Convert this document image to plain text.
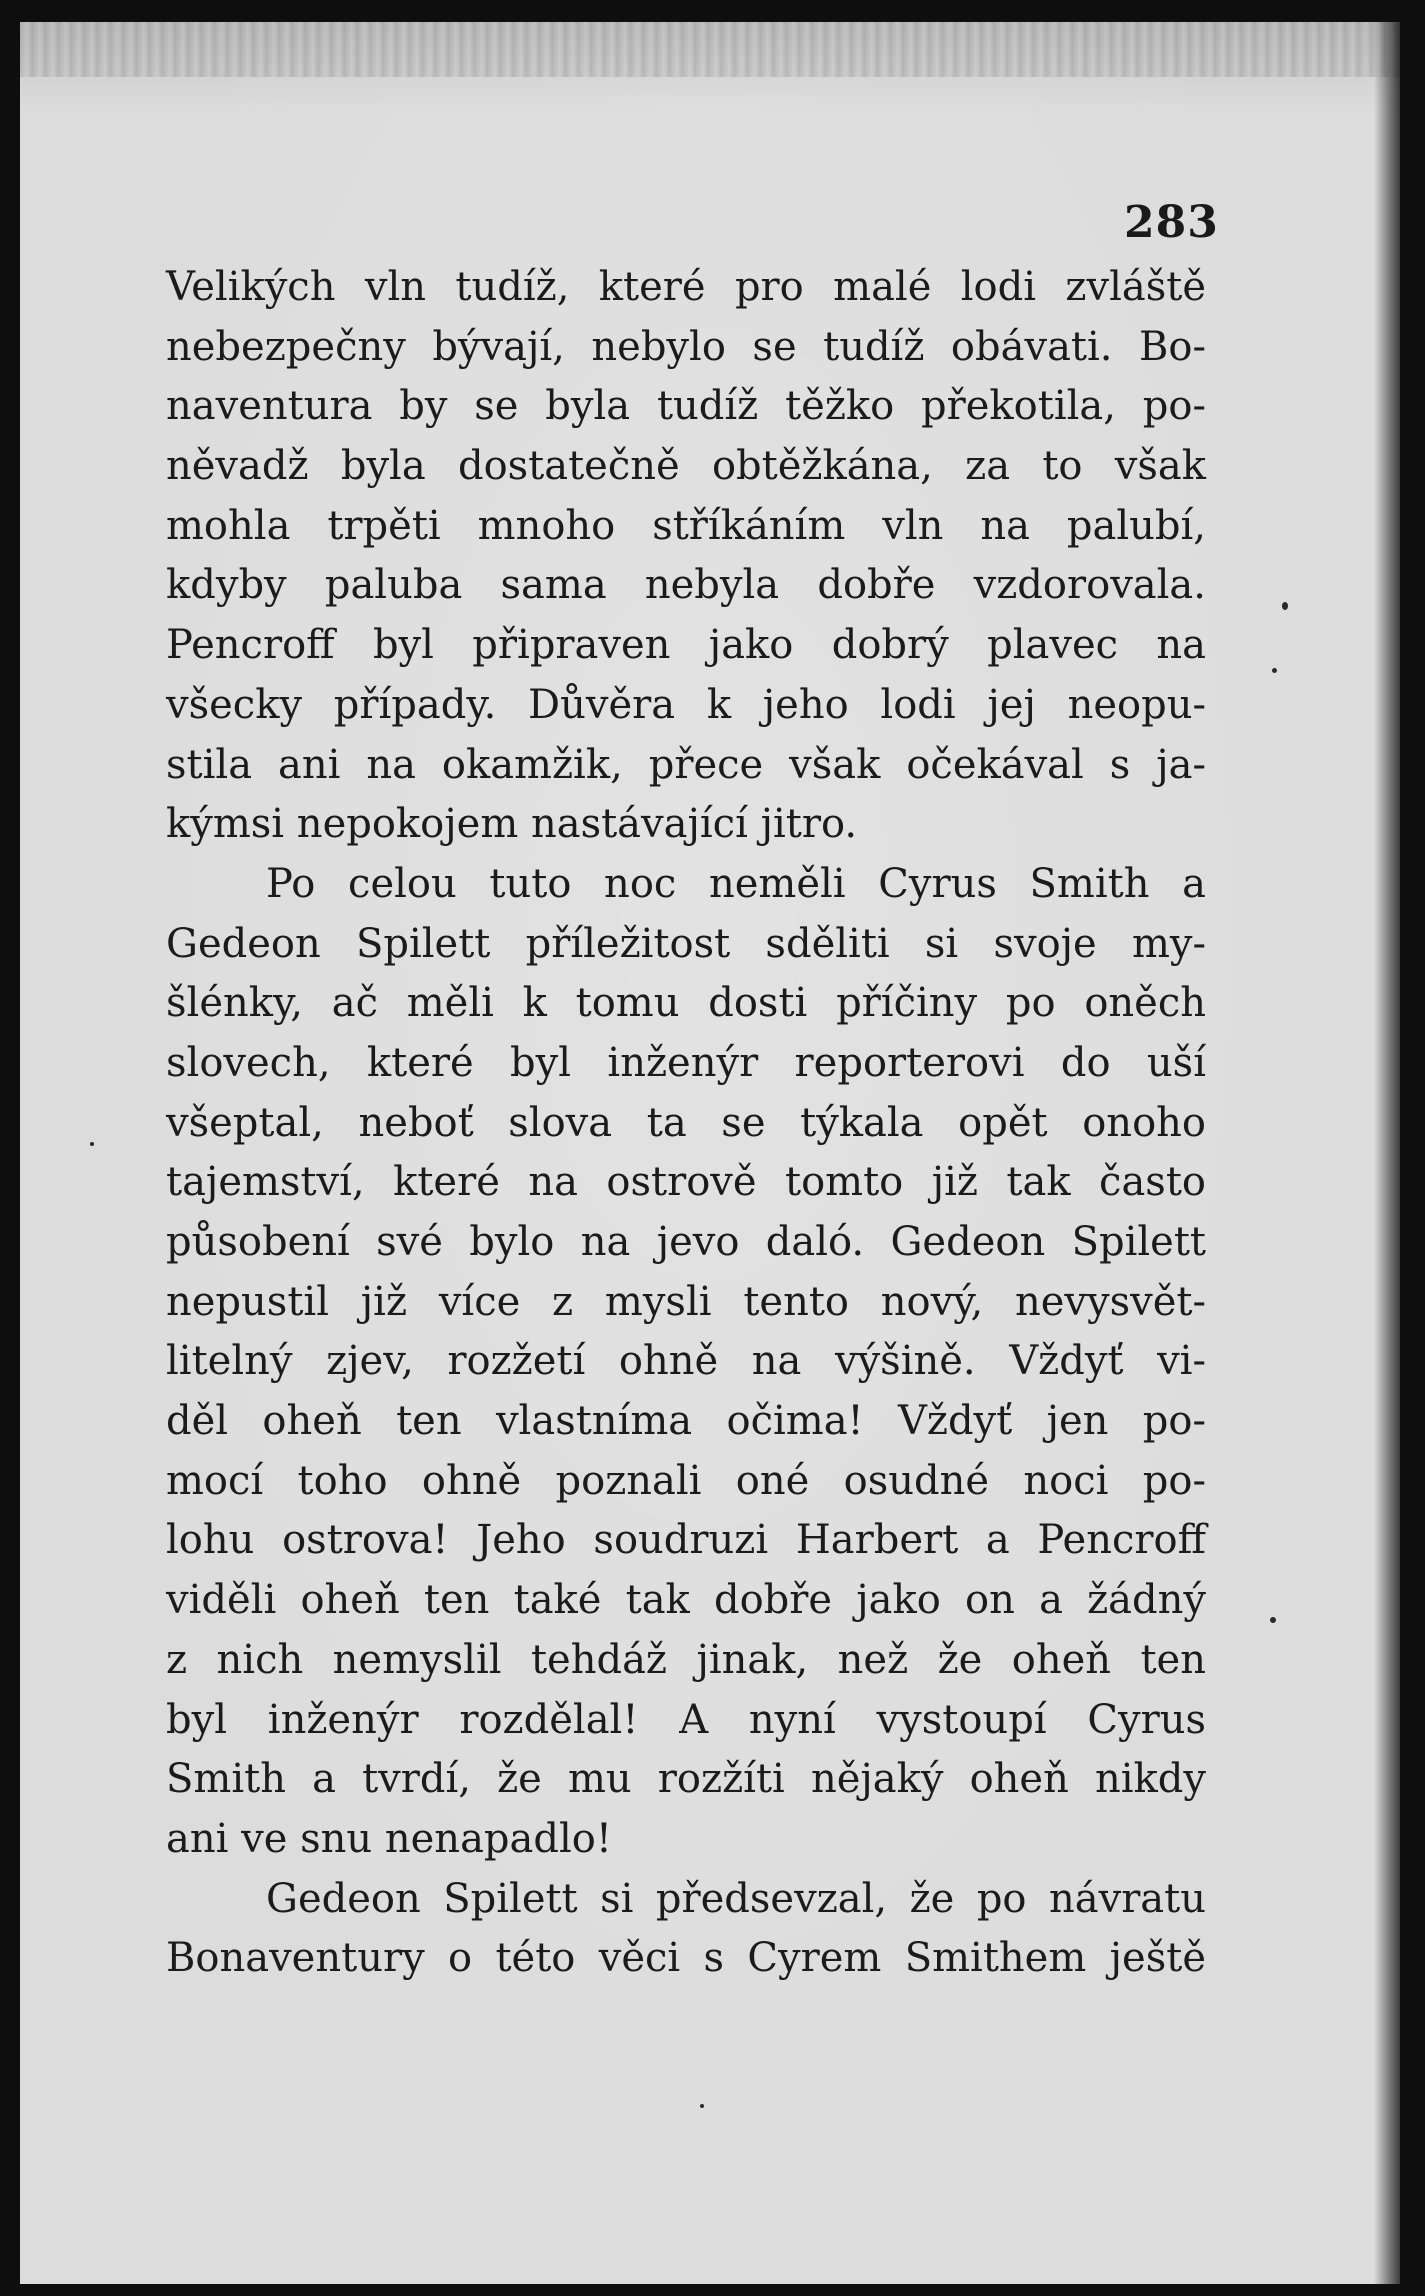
283
Velikých vln tudíž, které pro malé lodi zvláště
nebezpečny bývají, nebylo se tudíž obávati. Bo-
naventura by se byla tudíž těžko překotila, po-
něvadž byla dostatečně obtěžkána, za to však
mohla trpěti mnoho stříkáním vln na palubí,
kdyby paluba sama nebyla dobře vzdorovala.
Pencroff byl připraven jako dobrý plavec na
všecky případy. Důvěra k jeho lodi jej neopu-
stila ani na okamžik, přece však očekával s ja-
kýmsi nepokojem nastávající jitro.
Po celou tuto noc neměli Cyrus Smith a
Gedeon Spilett příležitost sděliti si svoje my-
šlénky, ač měli k tomu dosti příčiny po oněch
slovech, které byl inženýr reporterovi do uší
všeptal, neboť slova ta se týkala opět onoho
tajemství, které na ostrově tomto již tak často
působení své bylo na jevo daló. Gedeon Spilett
nepustil již více z mysli tento nový, nevysvět-
litelný zjev, rozžetí ohně na výšině. Vždyť vi-
děl oheň ten vlastníma očima! Vždyť jen po-
mocí toho ohně poznali oné osudné noci po-
lohu ostrova! Jeho soudruzi Harbert a Pencroff
viděli oheň ten také tak dobře jako on a žádný
z nich nemyslil tehdáž jinak, než že oheň ten
byl inženýr rozdělal! A nyní vystoupí Cyrus
Smith a tvrdí, že mu rozžíti nějaký oheň nikdy
ani ve snu nenapadlo!
Gedeon Spilett si předsevzal, že po návratu
Bonaventury o této věci s Cyrem Smithem ještě
